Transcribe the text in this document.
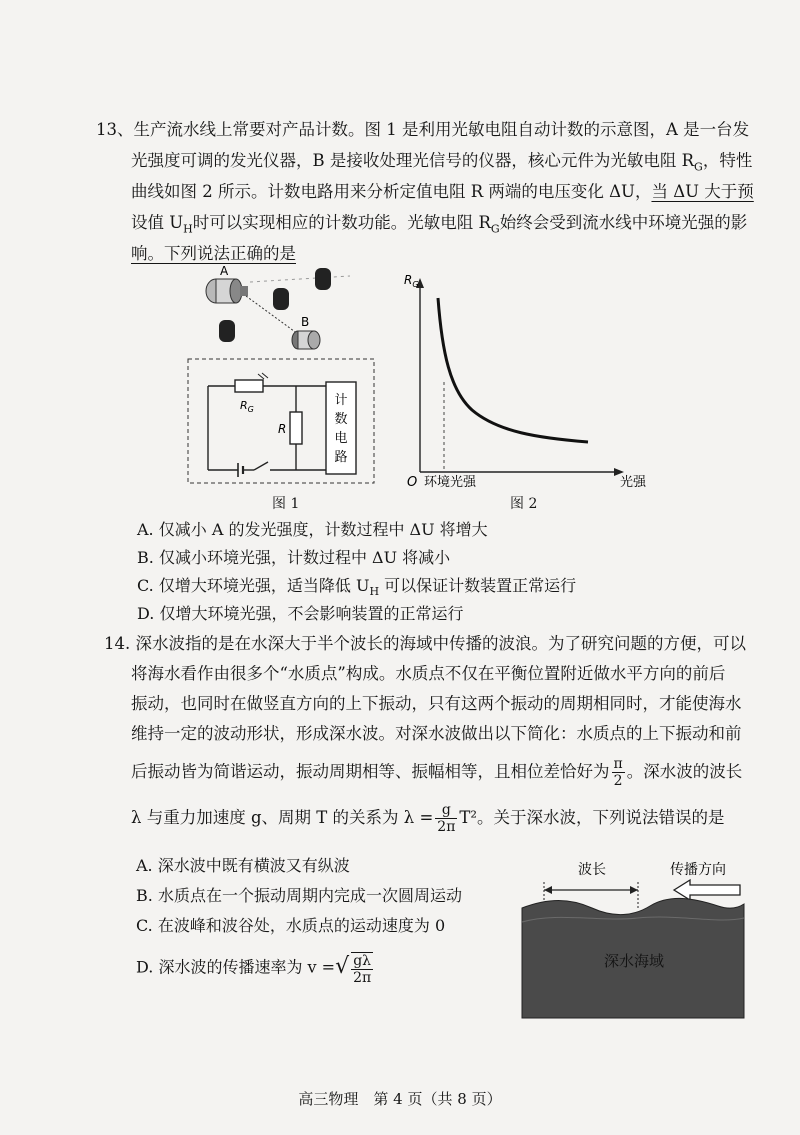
13、生产流水线上常要对产品计数。图 1 是利用光敏电阻自动计数的示意图，A 是一台发
光强度可调的发光仪器，B 是接收处理光信号的仪器，核心元件为光敏电阻 $R_G$，特性
曲线如图 2 所示。计数电路用来分析定值电阻 R 两端的电压变化 ΔU，当 ΔU 大于预
设值 $U_H$时可以实现相应的计数功能。光敏电阻 $R_G$始终会受到流水线中环境光强的影
响。下列说法正确的是
A
B
$R_G$
R
计
数
电
路
图 1
$R_G$
O 环境光强	光强
图 2
A. 仅减小 A 的发光强度，计数过程中 ΔU 将增大
B. 仅减小环境光强，计数过程中 ΔU 将减小
C. 仅增大环境光强，适当降低 $U_H$ 可以保证计数装置正常运行
D. 仅增大环境光强，不会影响装置的正常运行
14. 深水波指的是在水深大于半个波长的海域中传播的波浪。为了研究问题的方便，可以
将海水看作由很多个“水质点”构成。水质点不仅在平衡位置附近做水平方向的前后
振动，也同时在做竖直方向的上下振动，只有这两个振动的周期相同时，才能使海水
维持一定的波动形状，形成深水波。对深水波做出以下简化：水质点的上下振动和前
后振动皆为简谐运动，振动周期相等、振幅相等，且相位差恰好为 $\frac{\pi}{2}$ 。深水波的波长
λ 与重力加速度 g、周期 T 的关系为 $\lambda = \frac{g}{2\pi} T^2$。关于深水波，下列说法错误的是
A. 深水波中既有横波又有纵波
B. 水质点在一个振动周期内完成一次圆周运动
C. 在波峰和波谷处，水质点的运动速度为 0
D. 深水波的传播速率为 v =√ $\frac{g\lambda}{2\pi}$
波长	传播方向
深水海域
高三物理　第 4 页（共 8 页）
